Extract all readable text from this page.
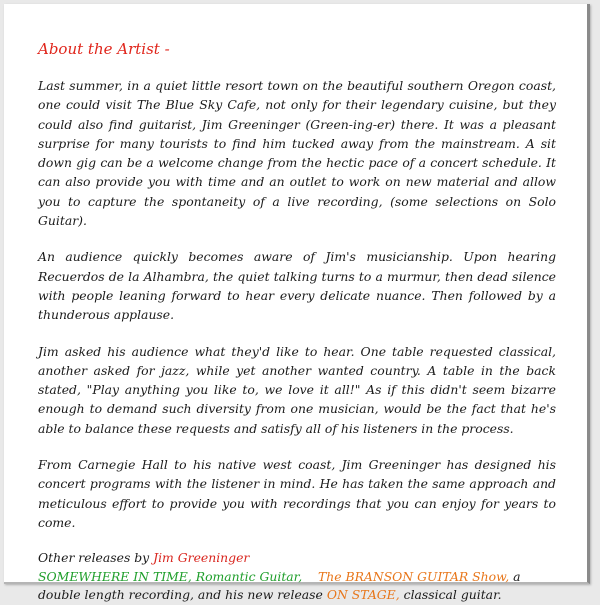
About the Artist -

Last summer, in a quiet little resort town on the beautiful southern Oregon coast, one could visit The Blue Sky Cafe, not only for their legendary cuisine, but they could also find guitarist, Jim Greeninger (Green-ing-er) there. It was a pleasant surprise for many tourists to find him tucked away from the mainstream. A sit down gig can be a welcome change from the hectic pace of a concert schedule. It can also provide you with time and an outlet to work on new material and allow you to capture the spontaneity of a live recording, (some selections on Solo Guitar).

An audience quickly becomes aware of Jim's musicianship. Upon hearing Recuerdos de la Alhambra, the quiet talking turns to a murmur, then dead silence with people leaning forward to hear every delicate nuance. Then followed by a thunderous applause.

Jim asked his audience what they'd like to hear. One table requested classical, another asked for jazz, while yet another wanted country. A table in the back stated, "Play anything you like to, we love it all!" As if this didn't seem bizarre enough to demand such diversity from one musician, would be the fact that he's able to balance these requests and satisfy all of his listeners in the process.

From Carnegie Hall to his native west coast, Jim Greeninger has designed his concert programs with the listener in mind. He has taken the same approach and meticulous effort to provide you with recordings that you can enjoy for years to come.

Other releases by Jim Greeninger
SOMEWHERE IN TIME, Romantic Guitar, The BRANSON GUITAR Show, a double length recording, and his new release ON STAGE, classical guitar.
